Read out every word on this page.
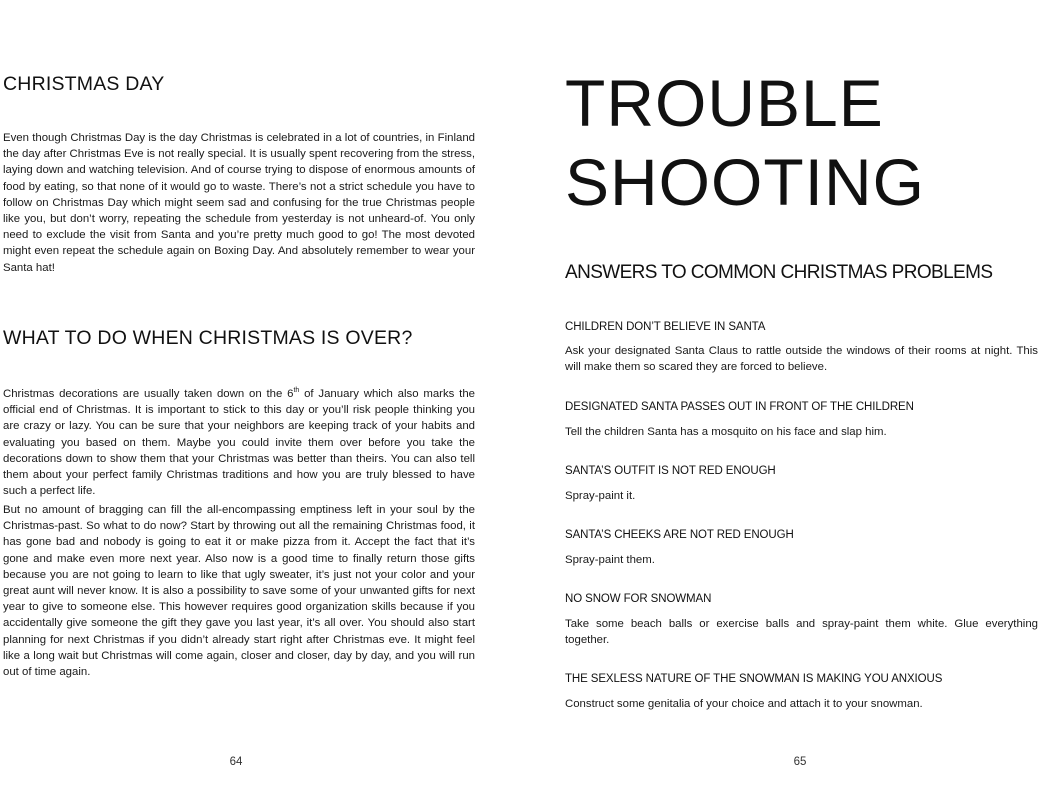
CHRISTMAS DAY

Even though Christmas Day is the day Christmas is celebrated in a lot of countries, in Finland the day after Christmas Eve is not really special. It is usually spent recovering from the stress, laying down and watching television. And of course trying to dispose of enormous amounts of food by eating, so that none of it would go to waste. There’s not a strict schedule you have to follow on Christmas Day which might seem sad and confusing for the true Christmas people like you, but don’t worry, repeating the schedule from yesterday is not unheard-of. You only need to exclude the visit from Santa and you’re pretty much good to go! The most devoted might even repeat the schedule again on Boxing Day. And absolutely remember to wear your Santa hat!

WHAT TO DO WHEN CHRISTMAS IS OVER?

Christmas decorations are usually taken down on the 6th of January which also marks the official end of Christmas. It is important to stick to this day or you’ll risk people thinking you are crazy or lazy. You can be sure that your neighbors are keeping track of your habits and evaluating you based on them. Maybe you could invite them over before you take the decorations down to show them that your Christmas was better than theirs. You can also tell them about your perfect family Christmas traditions and how you are truly blessed to have such a perfect life.

But no amount of bragging can fill the all-encompassing emptiness left in your soul by the Christmas-past. So what to do now? Start by throwing out all the remaining Christmas food, it has gone bad and nobody is going to eat it or make pizza from it. Accept the fact that it’s gone and make even more next year. Also now is a good time to finally return those gifts because you are not going to learn to like that ugly sweater, it’s just not your color and your great aunt will never know. It is also a possibility to save some of your unwanted gifts for next year to give to someone else. This however requires good organization skills because if you accidentally give someone the gift they gave you last year, it’s all over. You should also start planning for next Christmas if you didn’t already start right after Christmas eve. It might feel like a long wait but Christmas will come again, closer and closer, day by day, and you will run out of time again.

64
TROUBLE
SHOOTING
ANSWERS TO COMMON CHRISTMAS PROBLEMS

CHILDREN DON’T BELIEVE IN SANTA

Ask your designated Santa Claus to rattle outside the windows of their rooms at night. This will make them so scared they are forced to believe.

DESIGNATED SANTA PASSES OUT IN FRONT OF THE CHILDREN

Tell the children Santa has a mosquito on his face and slap him.

SANTA’S OUTFIT IS NOT RED ENOUGH

Spray-paint it.

SANTA’S CHEEKS ARE NOT RED ENOUGH

Spray-paint them.

NO SNOW FOR SNOWMAN

Take some beach balls or exercise balls and spray-paint them white. Glue everything together.

THE SEXLESS NATURE OF THE SNOWMAN IS MAKING YOU ANXIOUS

Construct some genitalia of your choice and attach it to your snowman.

65
